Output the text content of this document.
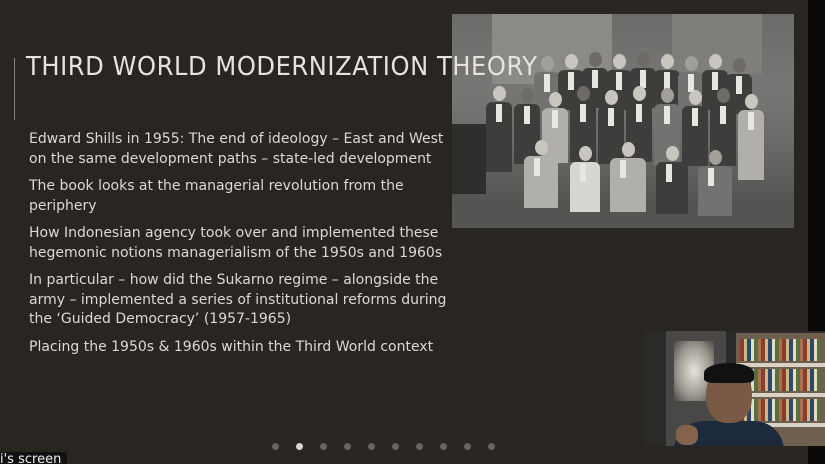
THIRD WORLD MODERNIZATION THEORY

Edward Shills in 1955: The end of ideology – East and West on the same development paths – state-led development

The book looks at the managerial revolution from the periphery

How Indonesian agency took over and implemented these hegemonic notions managerialism of the 1950s and 1960s

In particular – how did the Sukarno regime – alongside the army – implemented a series of institutional reforms during the ‘Guided Democracy’ (1957-1965)

Placing the 1950s & 1960s within the Third World context

i's screen
